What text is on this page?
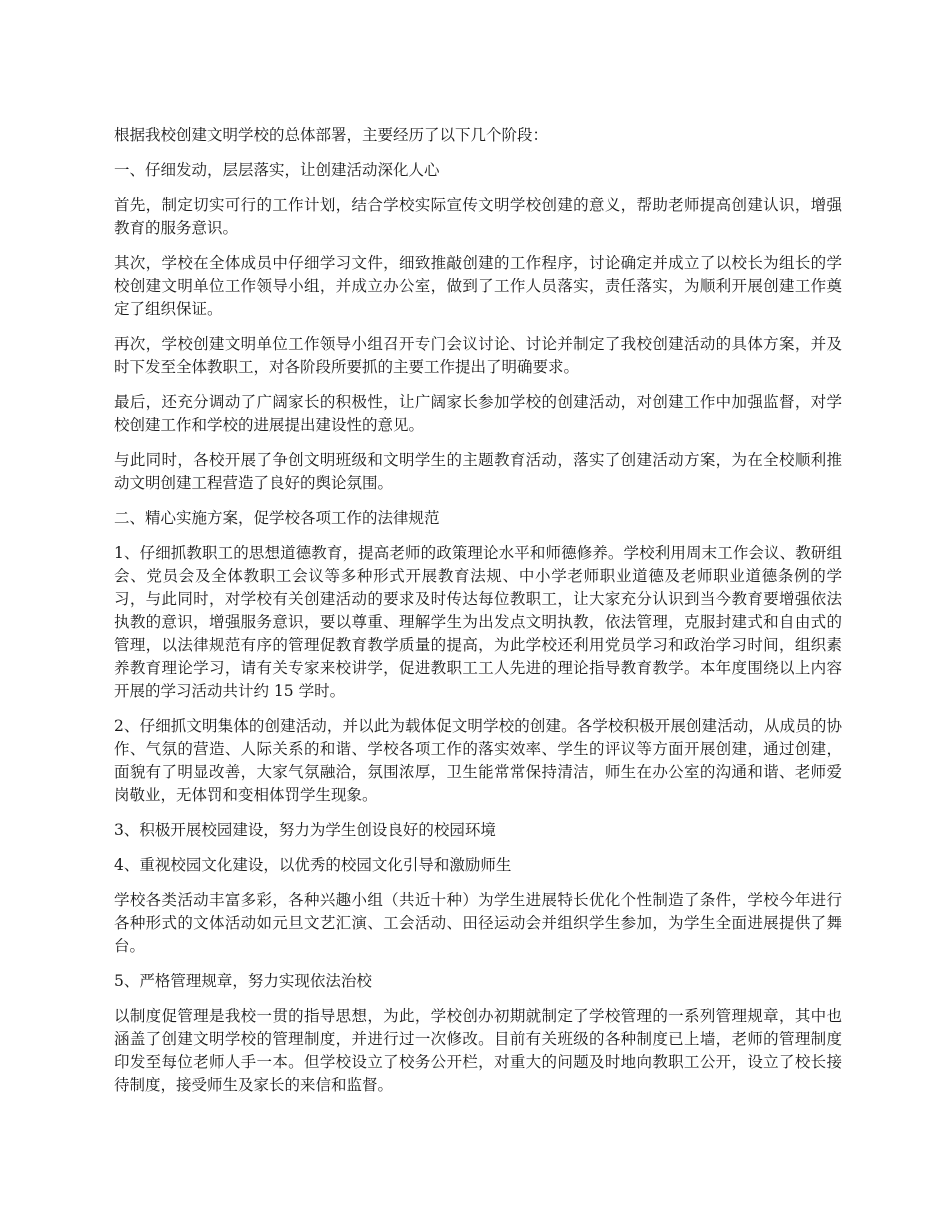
根据我校创建文明学校的总体部署，主要经历了以下几个阶段：

一、仔细发动，层层落实，让创建活动深化人心

首先，制定切实可行的工作计划，结合学校实际宣传文明学校创建的意义，帮助老师提高创建认识，增强教育的服务意识。

其次，学校在全体成员中仔细学习文件，细致推敲创建的工作程序，讨论确定并成立了以校长为组长的学校创建文明单位工作领导小组，并成立办公室，做到了工作人员落实，责任落实，为顺利开展创建工作奠定了组织保证。

再次，学校创建文明单位工作领导小组召开专门会议讨论、讨论并制定了我校创建活动的具体方案，并及时下发至全体教职工，对各阶段所要抓的主要工作提出了明确要求。

最后，还充分调动了广阔家长的积极性，让广阔家长参加学校的创建活动，对创建工作中加强监督，对学校创建工作和学校的进展提出建设性的意见。

与此同时，各校开展了争创文明班级和文明学生的主题教育活动，落实了创建活动方案，为在全校顺利推动文明创建工程营造了良好的舆论氛围。

二、精心实施方案，促学校各项工作的法律规范

1、仔细抓教职工的思想道德教育，提高老师的政策理论水平和师德修养。学校利用周末工作会议、教研组会、党员会及全体教职工会议等多种形式开展教育法规、中小学老师职业道德及老师职业道德条例的学习，与此同时，对学校有关创建活动的要求及时传达每位教职工，让大家充分认识到当今教育要增强依法执教的意识，增强服务意识，要以尊重、理解学生为出发点文明执教，依法管理，克服封建式和自由式的管理，以法律规范有序的管理促教育教学质量的提高，为此学校还利用党员学习和政治学习时间，组织素养教育理论学习，请有关专家来校讲学，促进教职工工人先进的理论指导教育教学。本年度围绕以上内容开展的学习活动共计约 15 学时。

2、仔细抓文明集体的创建活动，并以此为载体促文明学校的创建。各学校积极开展创建活动，从成员的协作、气氛的营造、人际关系的和谐、学校各项工作的落实效率、学生的评议等方面开展创建，通过创建，面貌有了明显改善，大家气氛融洽，氛围浓厚，卫生能常常保持清洁，师生在办公室的沟通和谐、老师爱岗敬业，无体罚和变相体罚学生现象。

3、积极开展校园建设，努力为学生创设良好的校园环境

4、重视校园文化建设，以优秀的校园文化引导和激励师生

学校各类活动丰富多彩，各种兴趣小组（共近十种）为学生进展特长优化个性制造了条件，学校今年进行各种形式的文体活动如元旦文艺汇演、工会活动、田径运动会并组织学生参加，为学生全面进展提供了舞台。

5、严格管理规章，努力实现依法治校

以制度促管理是我校一贯的指导思想，为此，学校创办初期就制定了学校管理的一系列管理规章，其中也涵盖了创建文明学校的管理制度，并进行过一次修改。目前有关班级的各种制度已上墙，老师的管理制度印发至每位老师人手一本。但学校设立了校务公开栏，对重大的问题及时地向教职工公开，设立了校长接待制度，接受师生及家长的来信和监督。
